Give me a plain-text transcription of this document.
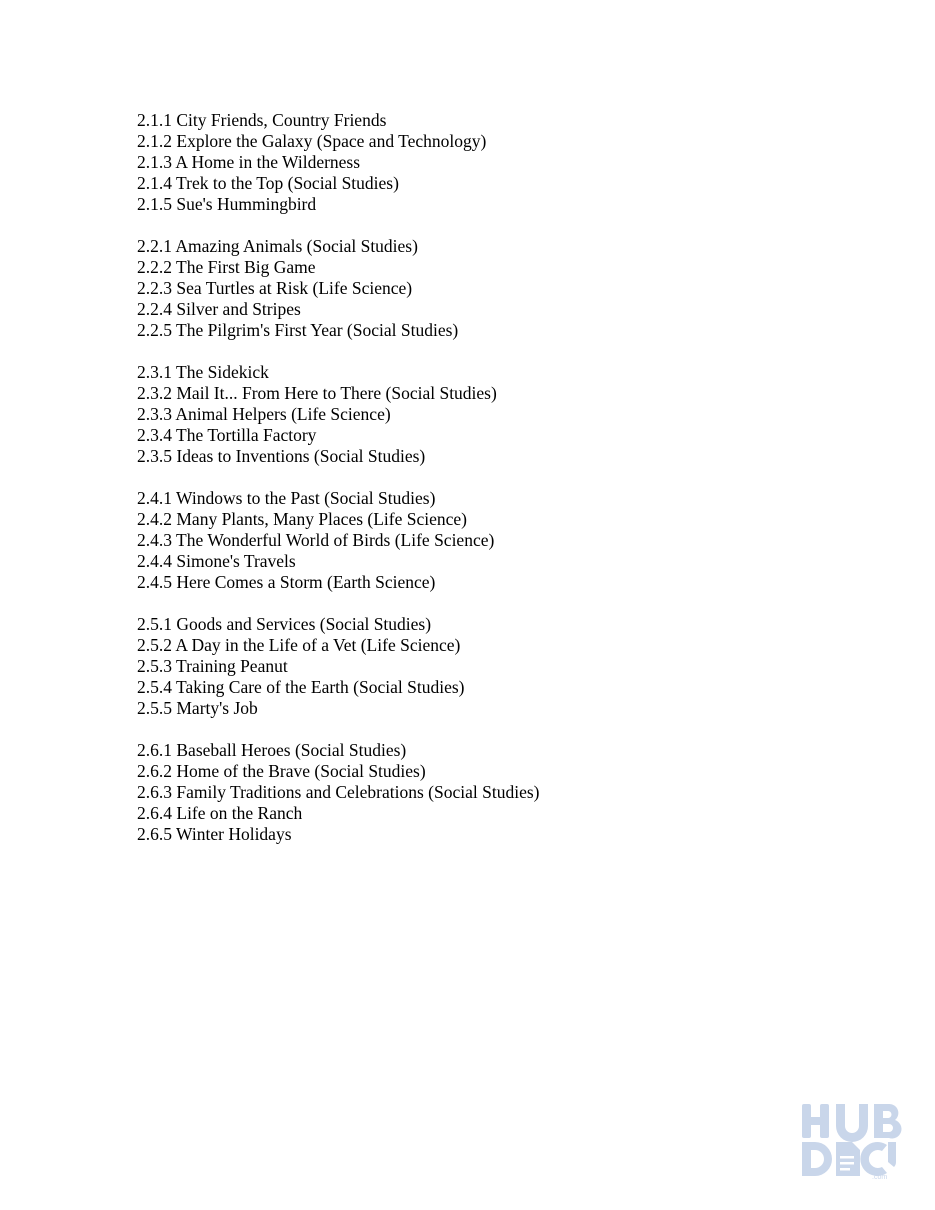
2.1.1 City Friends, Country Friends
2.1.2 Explore the Galaxy (Space and Technology)
2.1.3 A Home in the Wilderness
2.1.4 Trek to the Top (Social Studies)
2.1.5 Sue's Hummingbird
2.2.1 Amazing Animals (Social Studies)
2.2.2 The First Big Game
2.2.3 Sea Turtles at Risk (Life Science)
2.2.4 Silver and Stripes
2.2.5 The Pilgrim's First Year (Social Studies)
2.3.1 The Sidekick
2.3.2 Mail It... From Here to There (Social Studies)
2.3.3 Animal Helpers (Life Science)
2.3.4 The Tortilla Factory
2.3.5 Ideas to Inventions (Social Studies)
2.4.1 Windows to the Past (Social Studies)
2.4.2 Many Plants, Many Places (Life Science)
2.4.3 The Wonderful World of Birds (Life Science)
2.4.4 Simone's Travels
2.4.5 Here Comes a Storm (Earth Science)
2.5.1 Goods and Services (Social Studies)
2.5.2 A Day in the Life of a Vet (Life Science)
2.5.3 Training Peanut
2.5.4 Taking Care of the Earth (Social Studies)
2.5.5 Marty's Job
2.6.1 Baseball Heroes (Social Studies)
2.6.2 Home of the Brave (Social Studies)
2.6.3 Family Traditions and Celebrations (Social Studies)
2.6.4 Life on the Ranch
2.6.5 Winter Holidays
.com
